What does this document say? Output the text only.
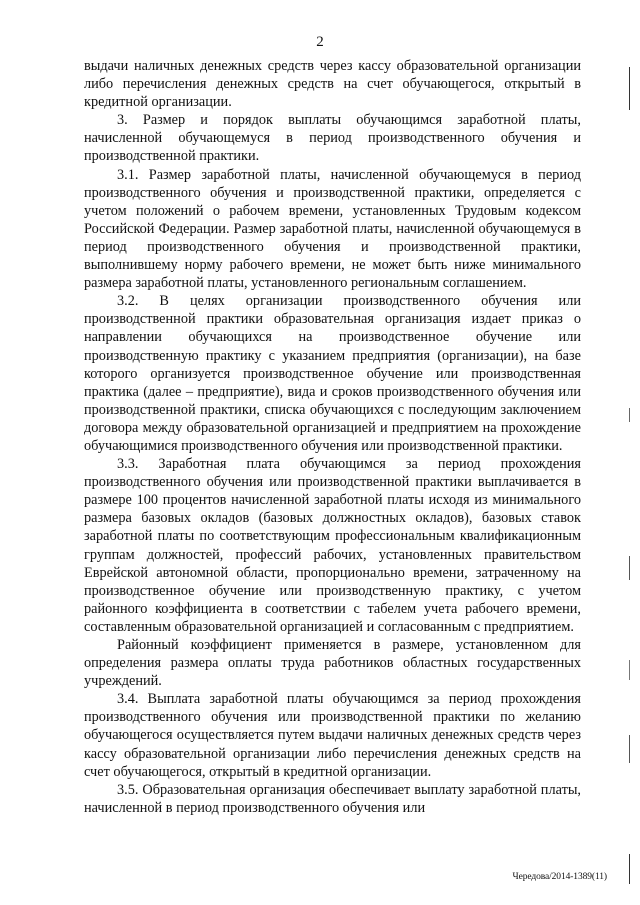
2

выдачи наличных денежных средств через кассу образовательной организации либо перечисления денежных средств на счет обучающегося, открытый в кредитной организации.

3. Размер и порядок выплаты обучающимся заработной платы, начисленной обучающемуся в период производственного обучения и производственной практики.

3.1. Размер заработной платы, начисленной обучающемуся в период производственного обучения и производственной практики, определяется с учетом положений о рабочем времени, установленных Трудовым кодексом Российской Федерации. Размер заработной платы, начисленной обучающемуся в период производственного обучения и производственной практики, выполнившему норму рабочего времени, не может быть ниже минимального размера заработной платы, установленного региональным соглашением.

3.2. В целях организации производственного обучения или производственной практики образовательная организация издает приказ о направлении обучающихся на производственное обучение или производственную практику с указанием предприятия (организации), на базе которого организуется производственное обучение или производственная практика (далее – предприятие), вида и сроков производственного обучения или производственной практики, списка обучающихся с последующим заключением договора между образовательной организацией и предприятием на прохождение обучающимися производственного обучения или производственной практики.

3.3. Заработная плата обучающимся за период прохождения производственного обучения или производственной практики выплачивается в размере 100 процентов начисленной заработной платы исходя из минимального размера базовых окладов (базовых должностных окладов), базовых ставок заработной платы по соответствующим профессиональным квалификационным группам должностей, профессий рабочих, установленных правительством Еврейской автономной области, пропорционально времени, затраченному на производственное обучение или производственную практику, с учетом районного коэффициента в соответствии с табелем учета рабочего времени, составленным образовательной организацией и согласованным с предприятием.

Районный коэффициент применяется в размере, установленном для определения размера оплаты труда работников областных государственных учреждений.

3.4. Выплата заработной платы обучающимся за период прохождения производственного обучения или производственной практики по желанию обучающегося осуществляется путем выдачи наличных денежных средств через кассу образовательной организации либо перечисления денежных средств на счет обучающегося, открытый в кредитной организации.

3.5. Образовательная организация обеспечивает выплату заработной платы, начисленной в период производственного обучения или

Чередова/2014-1389(11)
